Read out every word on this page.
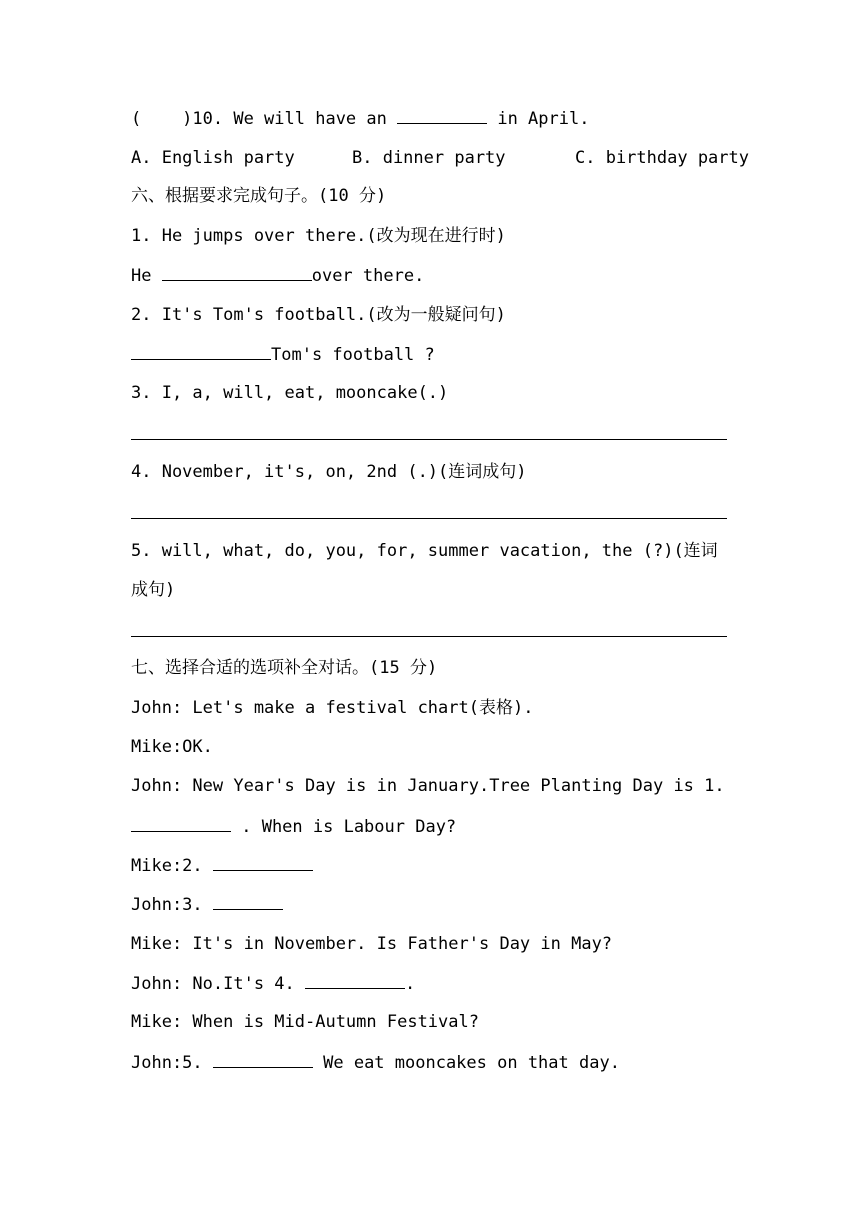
(    )10. We will have an	in April.
A. English party	B. dinner party	C. birthday party
六、根据要求完成句子。(10 分)
1. He jumps over there.(改为现在进行时)
He	over there.
2. It's Tom's football.(改为一般疑问句)
Tom's football ?
3. I, a, will, eat, mooncake(.)
4. November, it's, on, 2nd (.)(连词成句)
5. will, what, do, you, for, summer vacation, the (?)(连词
成句)
七、选择合适的选项补全对话。(15 分)
John: Let's make a festival chart(表格).
Mike:OK.
John: New Year's Day is in January.Tree Planting Day is 1.
. When is Labour Day?
Mike:2.
John:3.
Mike: It's in November. Is Father's Day in May?
John: No.It's 4.	.
Mike: When is Mid-Autumn Festival?
John:5.	We eat mooncakes on that day.
